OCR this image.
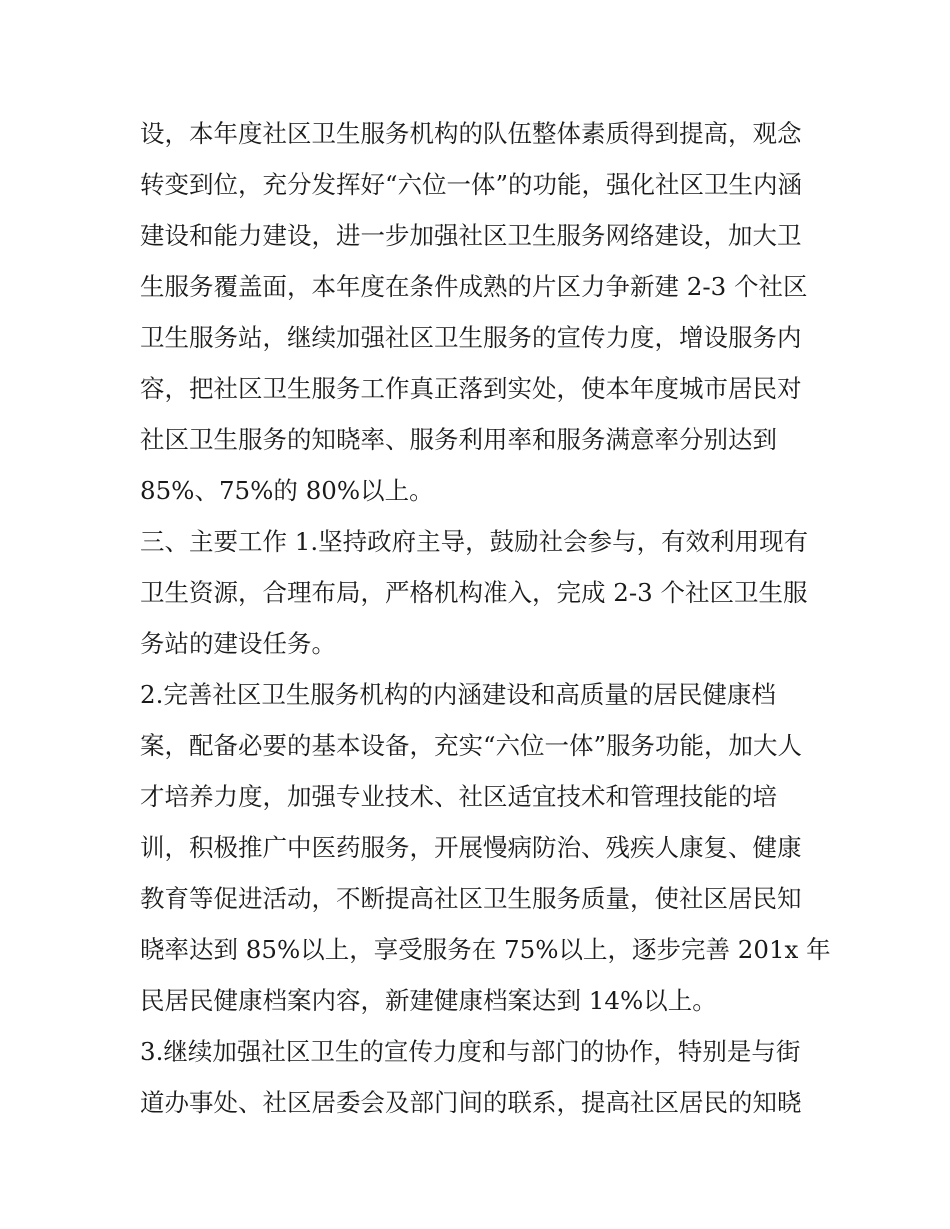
设，本年度社区卫生服务机构的队伍整体素质得到提高，观念
转变到位，充分发挥好“六位一体”的功能，强化社区卫生内涵
建设和能力建设，进一步加强社区卫生服务网络建设，加大卫
生服务覆盖面，本年度在条件成熟的片区力争新建 2-3 个社区
卫生服务站，继续加强社区卫生服务的宣传力度，增设服务内
容，把社区卫生服务工作真正落到实处，使本年度城市居民对
社区卫生服务的知晓率、服务利用率和服务满意率分别达到
85%、75%的 80%以上。
三、主要工作 1.坚持政府主导，鼓励社会参与，有效利用现有
卫生资源，合理布局，严格机构准入，完成 2-3 个社区卫生服
务站的建设任务。
2.完善社区卫生服务机构的内涵建设和高质量的居民健康档
案，配备必要的基本设备，充实“六位一体”服务功能，加大人
才培养力度，加强专业技术、社区适宜技术和管理技能的培
训，积极推广中医药服务，开展慢病防治、残疾人康复、健康
教育等促进活动，不断提高社区卫生服务质量，使社区居民知
晓率达到 85%以上，享受服务在 75%以上，逐步完善 201x 年
民居民健康档案内容，新建健康档案达到 14%以上。
3.继续加强社区卫生的宣传力度和与部门的协作，特别是与街
道办事处、社区居委会及部门间的联系，提高社区居民的知晓
